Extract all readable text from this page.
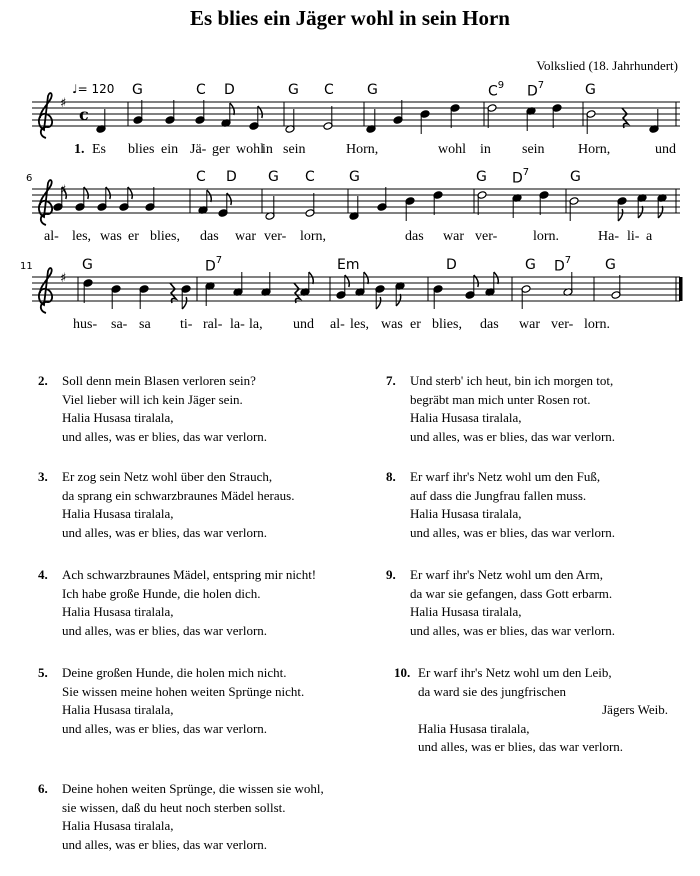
Es blies ein Jäger wohl in sein Horn
Volkslied (18. Jahrhundert)
♩= 120 G	C D	G C G	$C^9$ $D^7$	G
♯
c
1. Es blies ein Jä- ger wohl
in sein	Horn,	wohl in sein Horn,	und
6	C D G C G	G $D^7$	G
♯
al- les, was er blies, das war ver- lorn,	das war ver-	lorn.	Ha- li- a
11	G	$D^7$	Em	D	G $D^7$ G
♯
hus- sa- sa ti- ral- la- la, und al- les, was er blies, das war ver- lorn.
2. Soll denn mein Blasen verloren sein?
Viel lieber will ich kein Jäger sein.
Halia Husasa tiralala,
und alles, was er blies, das war verlorn.
3. Er zog sein Netz wohl über den Strauch,
da sprang ein schwarzbraunes Mädel heraus.
Halia Husasa tiralala,
und alles, was er blies, das war verlorn.
4. Ach schwarzbraunes Mädel, entspring mir nicht!
Ich habe große Hunde, die holen dich.
Halia Husasa tiralala,
und alles, was er blies, das war verlorn.
5. Deine großen Hunde, die holen mich nicht.
Sie wissen meine hohen weiten Sprünge nicht.
Halia Husasa tiralala,
und alles, was er blies, das war verlorn.
6. Deine hohen weiten Sprünge, die wissen sie wohl,
sie wissen, daß du heut noch sterben sollst.
Halia Husasa tiralala,
und alles, was er blies, das war verlorn.
7. Und sterb' ich heut, bin ich morgen tot,
begräbt man mich unter Rosen rot.
Halia Husasa tiralala,
und alles, was er blies, das war verlorn.
8. Er warf ihr's Netz wohl um den Fuß,
auf dass die Jungfrau fallen muss.
Halia Husasa tiralala,
und alles, was er blies, das war verlorn.
9. Er warf ihr's Netz wohl um den Arm,
da war sie gefangen, dass Gott erbarm.
Halia Husasa tiralala,
und alles, was er blies, das war verlorn.
10. Er warf ihr's Netz wohl um den Leib,
da ward sie des jungfrischen
Jägers Weib.
Halia Husasa tiralala,
und alles, was er blies, das war verlorn.
